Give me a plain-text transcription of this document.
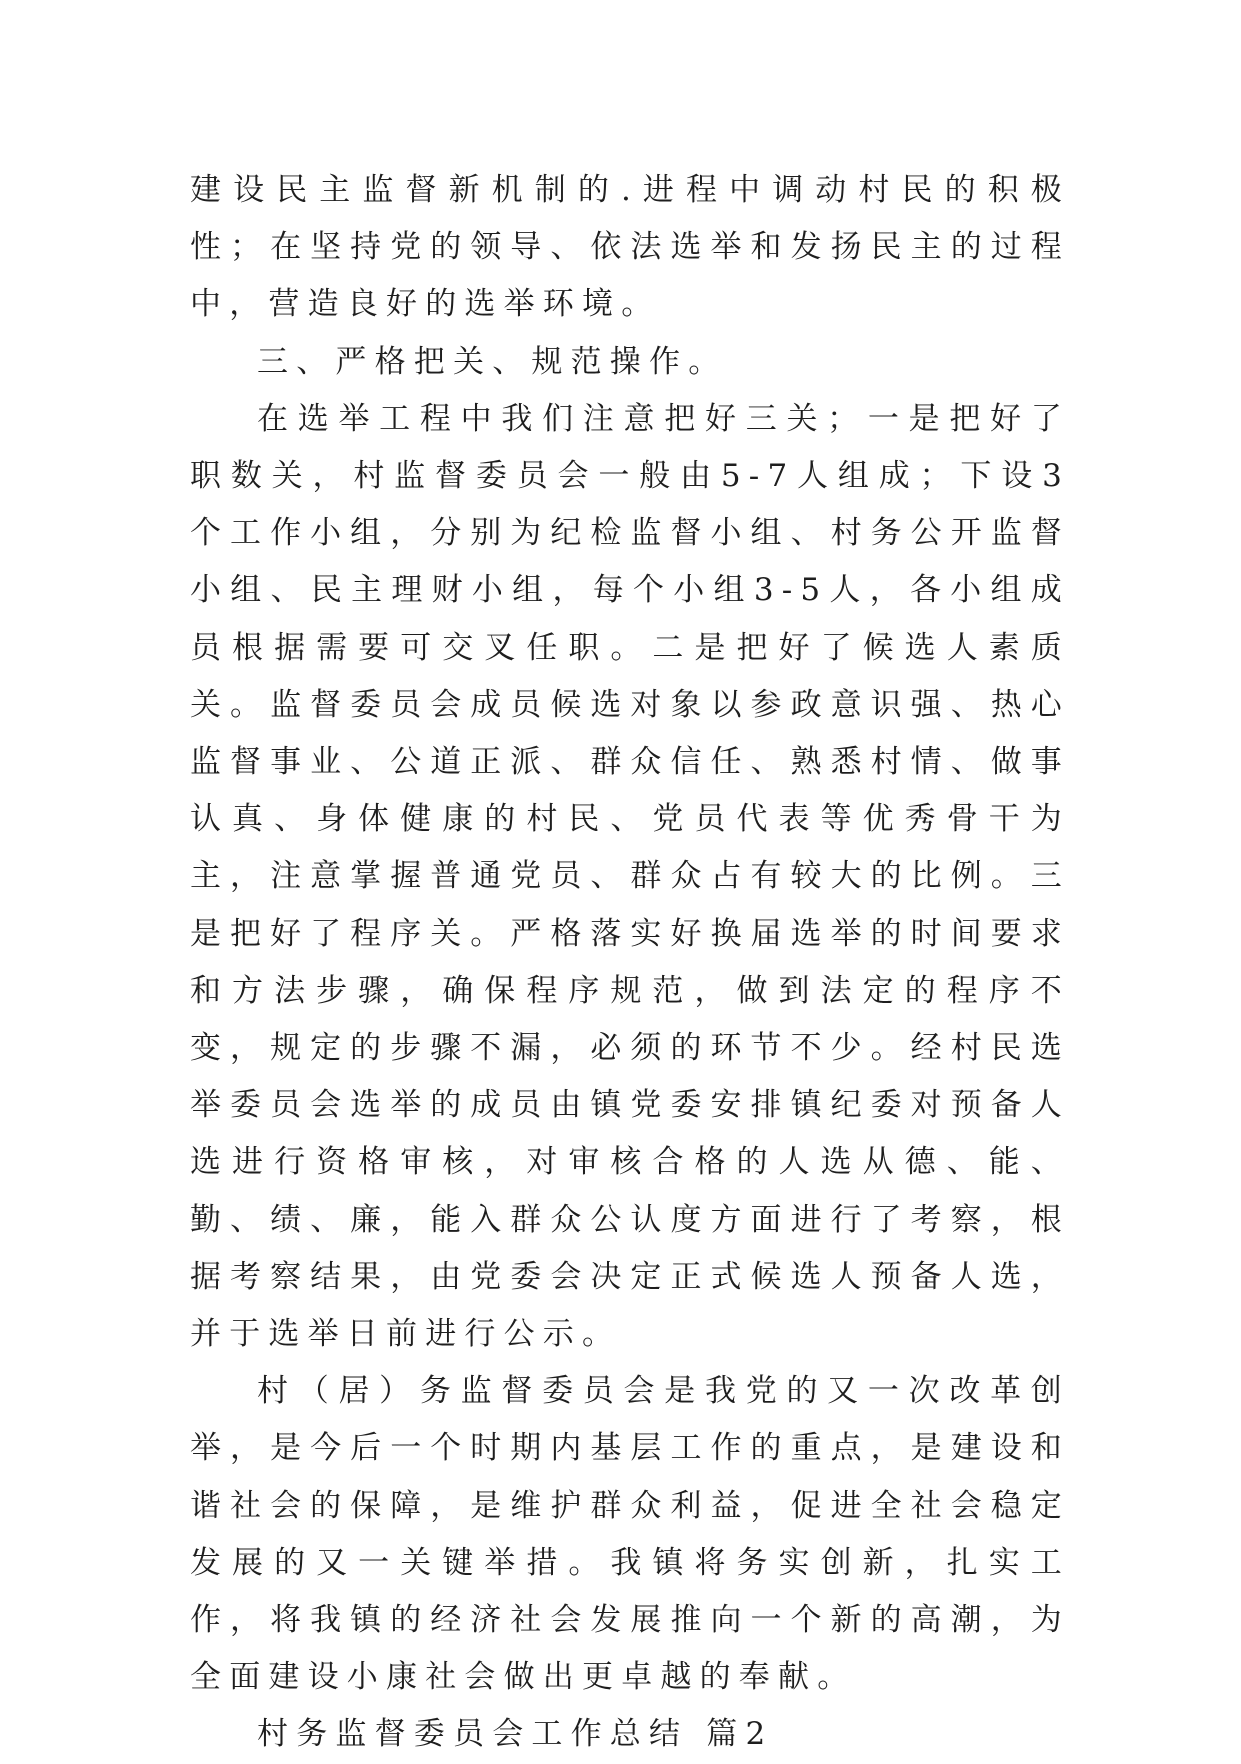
建设民主监督新机制的.进程中调动村民的积极性；在坚持党的领导、依法选举和发扬民主的过程中，营造良好的选举环境。

三、严格把关、规范操作。

在选举工程中我们注意把好三关；一是把好了职数关，村监督委员会一般由5-7人组成；下设3个工作小组，分别为纪检监督小组、村务公开监督小组、民主理财小组，每个小组3-5人，各小组成员根据需要可交叉任职。二是把好了候选人素质关。监督委员会成员候选对象以参政意识强、热心监督事业、公道正派、群众信任、熟悉村情、做事认真、身体健康的村民、党员代表等优秀骨干为主，注意掌握普通党员、群众占有较大的比例。三是把好了程序关。严格落实好换届选举的时间要求和方法步骤，确保程序规范，做到法定的程序不变，规定的步骤不漏，必须的环节不少。经村民选举委员会选举的成员由镇党委安排镇纪委对预备人选进行资格审核，对审核合格的人选从德、能、勤、绩、廉，能入群众公认度方面进行了考察，根据考察结果，由党委会决定正式候选人预备人选，并于选举日前进行公示。

村（居）务监督委员会是我党的又一次改革创举，是今后一个时期内基层工作的重点，是建设和谐社会的保障，是维护群众利益，促进全社会稳定发展的又一关键举措。我镇将务实创新，扎实工作，将我镇的经济社会发展推向一个新的高潮，为全面建设小康社会做出更卓越的奉献。

村务监督委员会工作总结 篇2
